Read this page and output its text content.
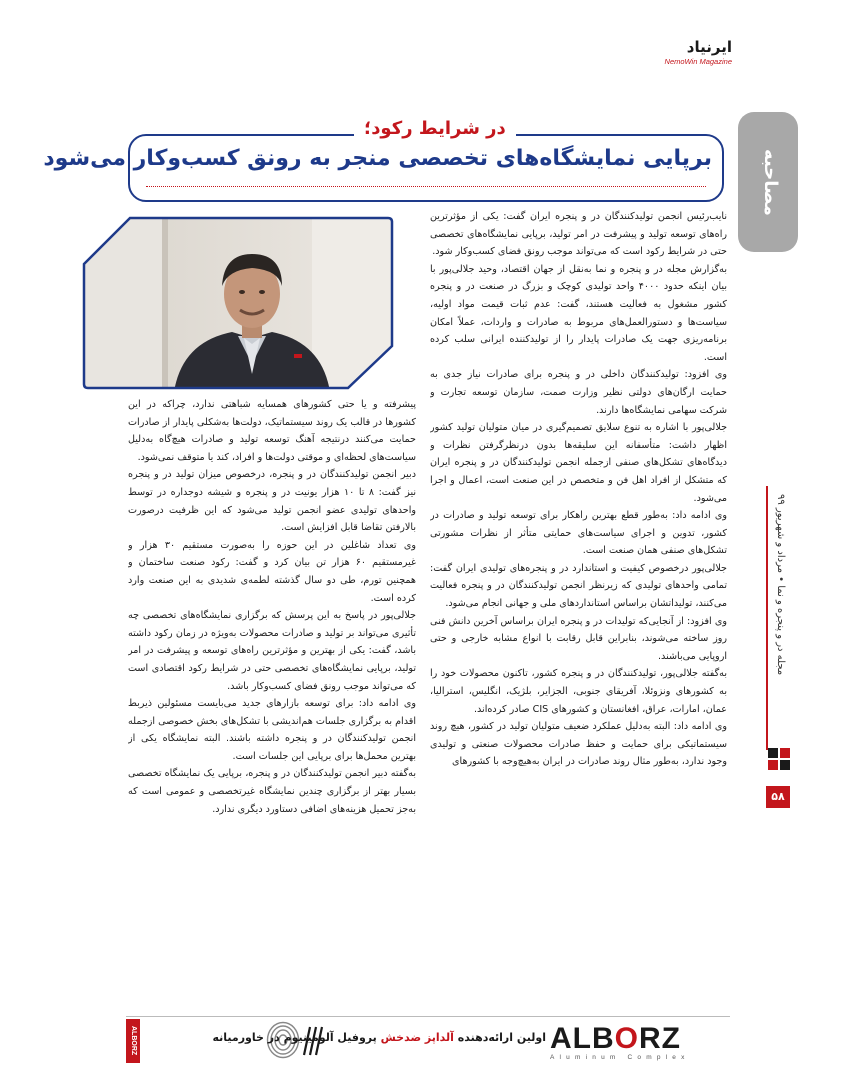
ایرنیاد
NemoWin Magazine
مصاحبه
در شرایط رکود؛
برپایی نمایشگاه‌های تخصصی منجر به رونق کسب‌وکار می‌شود

نایب‌رئیس انجمن تولیدکنندگان در و پنجره ایران گفت: یکی از مؤثرترین راه‌های توسعه تولید و پیشرفت در امر تولید، برپایی نمایشگاه‌های تخصصی حتی در شرایط رکود است که می‌تواند موجب رونق فضای کسب‌وکار شود.

به‌گزارش مجله در و پنجره و نما به‌نقل از جهان اقتصاد، وحید جلالی‌پور با بیان اینکه حدود ۴۰۰۰ واحد تولیدی کوچک و بزرگ در صنعت در و پنجره کشور مشغول به فعالیت هستند، گفت: عدم ثبات قیمت مواد اولیه، سیاست‌ها و دستورالعمل‌های مربوط به صادرات و واردات، عملاً امکان برنامه‌ریزی جهت یک صادرات پایدار را از تولیدکننده ایرانی سلب کرده است.

وی افزود: تولیدکنندگان داخلی در و پنجره برای صادرات نیاز جدی به حمایت ارگان‌های دولتی نظیر وزارت صمت، سازمان توسعه تجارت و شرکت سهامی نمایشگاه‌ها دارند.

جلالی‌پور با اشاره به تنوع سلایق تصمیم‌گیری در میان متولیان تولید کشور اظهار داشت: متأسفانه این سلیقه‌ها بدون درنظرگرفتن نظرات و دیدگاه‌های تشکل‌های صنفی ازجمله انجمن تولیدکنندگان در و پنجره ایران که متشکل از افراد اهل فن و متخصص در این صنعت است، اعمال و اجرا می‌شود.

وی ادامه داد: به‌طور قطع بهترین راهکار برای توسعه تولید و صادرات در کشور، تدوین و اجرای سیاست‌های حمایتی متأثر از نظرات مشورتی تشکل‌های صنفی همان صنعت است.

جلالی‌پور درخصوص کیفیت و استاندارد در و پنجره‌های تولیدی ایران گفت: تمامی واحدهای تولیدی که زیرنظر انجمن تولیدکنندگان در و پنجره فعالیت می‌کنند، تولیداتشان براساس استانداردهای ملی و جهانی انجام می‌شود.

وی افزود: از آنجایی‌که تولیدات در و پنجره ایران براساس آخرین دانش فنی روز ساخته می‌شوند، بنابراین قابل رقابت با انواع مشابه خارجی و حتی اروپایی می‌باشند.

به‌گفته جلالی‌پور، تولیدکنندگان در و پنجره کشور، تاکنون محصولات خود را به کشورهای ونزوئلا، آفریقای جنوبی، الجزایر، بلژیک، انگلیس، استرالیا، عمان، امارات، عراق، افغانستان و کشورهای CIS صادر کرده‌اند.

وی ادامه داد: البته به‌دلیل عملکرد ضعیف متولیان تولید در کشور، هیچ روند سیستماتیکی برای حمایت و حفظ صادرات محصولات صنعتی و تولیدی وجود ندارد، به‌طور مثال روند صادرات در ایران به‌هیچ‌وجه با کشورهای

پیشرفته و یا حتی کشورهای همسایه شباهتی ندارد، چراکه در این کشورها در قالب یک روند سیستماتیک، دولت‌ها به‌شکلی پایدار از صادرات حمایت می‌کنند درنتیجه آهنگ توسعه تولید و صادرات هیچ‌گاه به‌دلیل سیاست‌های لحظه‌ای و موقتی دولت‌ها و افراد، کند یا متوقف نمی‌شود.

دبیر انجمن تولیدکنندگان در و پنجره، درخصوص میزان تولید در و پنجره نیز گفت: ۸ تا ۱۰ هزار یونیت در و پنجره و شیشه دوجداره در توسط واحدهای تولیدی عضو انجمن تولید می‌شود که این ظرفیت درصورت بالارفتن تقاضا قابل افزایش است.

وی تعداد شاغلین در این حوزه را به‌صورت مستقیم ۳۰ هزار و غیرمستقیم ۶۰ هزار تن بیان کرد و گفت: رکود صنعت ساختمان و همچنین تورم، طی دو سال گذشته لطمه‌ی شدیدی به این صنعت وارد کرده است.

جلالی‌پور در پاسخ به این پرسش که برگزاری نمایشگاه‌های تخصصی چه تأثیری می‌تواند بر تولید و صادرات محصولات به‌ویژه در زمان رکود داشته باشد، گفت: یکی از بهترین و مؤثرترین راه‌های توسعه و پیشرفت در امر تولید، برپایی نمایشگاه‌های تخصصی حتی در شرایط رکود اقتصادی است که می‌تواند موجب رونق فضای کسب‌وکار باشد.

وی ادامه داد: برای توسعه بازارهای جدید می‌بایست مسئولین ذیربط اقدام به برگزاری جلسات هم‌اندیشی با تشکل‌های بخش خصوصی ازجمله انجمن تولیدکنندگان در و پنجره داشته باشند. البته نمایشگاه یکی از بهترین محمل‌ها برای برپایی این جلسات است.

به‌گفته دبیر انجمن تولیدکنندگان در و پنجره، برپایی یک نمایشگاه تخصصی بسیار بهتر از برگزاری چندین نمایشگاه غیرتخصصی و عمومی است که به‌جز تحمیل هزینه‌های اضافی دستاورد دیگری ندارد.

مجله در و پنجره و نما • مرداد و شهریور ۹۹
۵۸
ALBORZ	اولین ارائه‌دهنده آلداپز ضدخش پروفیل آلومینیوم در خاورمیانه	ALBORZ
Aluminum Complex
